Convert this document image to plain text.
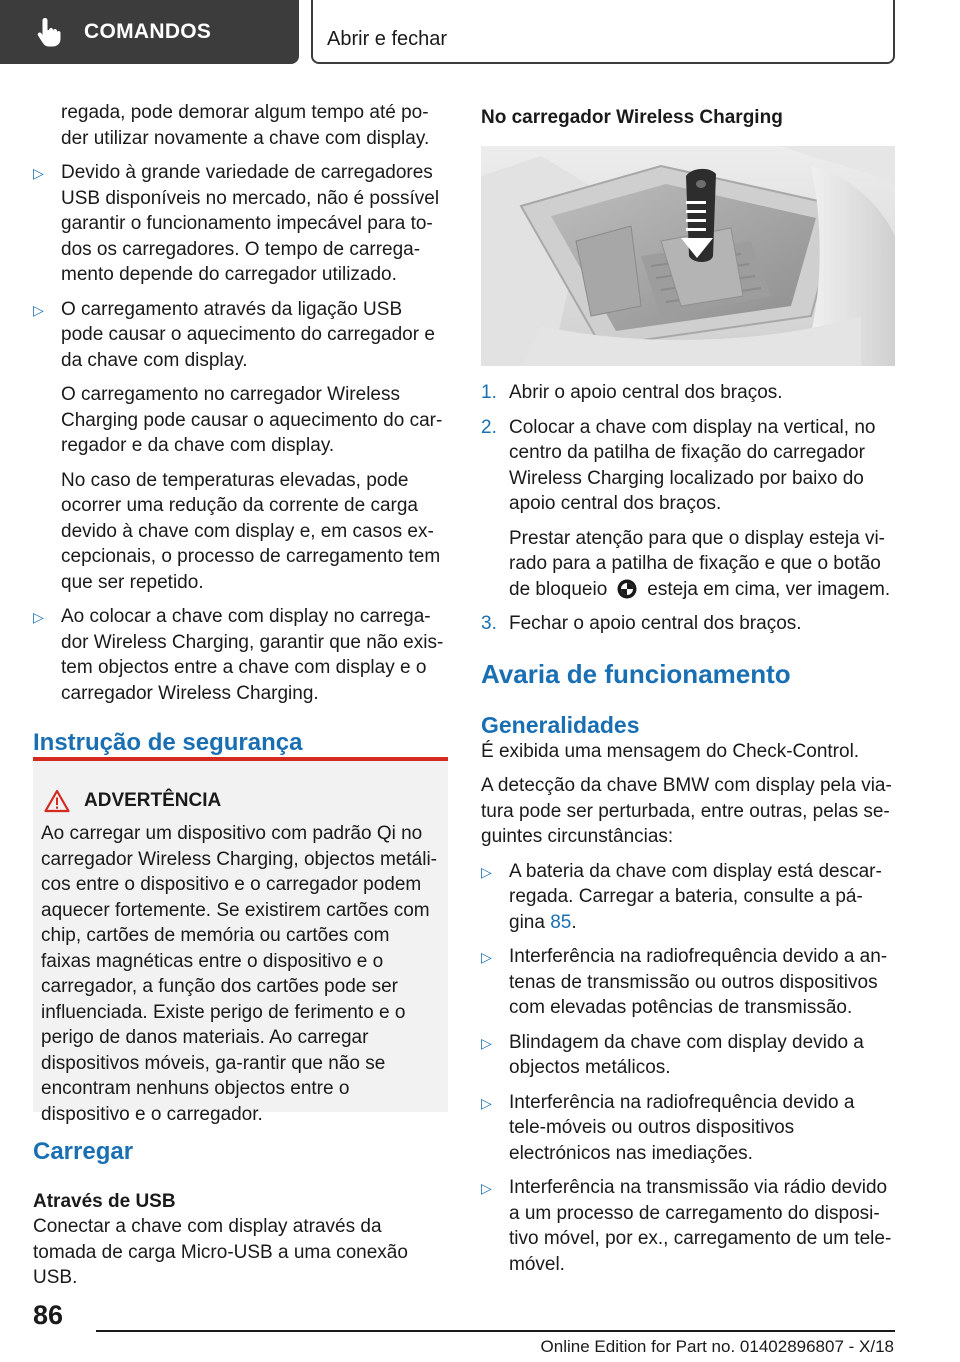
COMANDOS	Abrir e fechar

regada, pode demorar algum tempo até po-der utilizar novamente a chave com display.

▷ Devido à grande variedade de carregadores USB disponíveis no mercado, não é possível garantir o funcionamento impecável para to-dos os carregadores. O tempo de carrega-mento depende do carregador utilizado.
▷ O carregamento através da ligação USB pode causar o aquecimento do carregador e da chave com display.

O carregamento no carregador Wireless Charging pode causar o aquecimento do car-regador e da chave com display.

No caso de temperaturas elevadas, pode ocorrer uma redução da corrente de carga devido à chave com display e, em casos ex-cepcionais, o processo de carregamento tem que ser repetido.

▷ Ao colocar a chave com display no carrega-dor Wireless Charging, garantir que não exis-tem objectos entre a chave com display e o carregador Wireless Charging.
Instrução de segurança
ADVERTÊNCIA

Ao carregar um dispositivo com padrão Qi no carregador Wireless Charging, objectos metáli-cos entre o dispositivo e o carregador podem aquecer fortemente. Se existirem cartões com chip, cartões de memória ou cartões com faixas magnéticas entre o dispositivo e o carregador, a função dos cartões pode ser influenciada. Existe perigo de ferimento e o perigo de danos materiais. Ao carregar dispositivos móveis, ga-rantir que não se encontram nenhuns objectos entre o dispositivo e o carregador.

Carregar
Através de USB

Conectar a chave com display através da tomada de carga Micro-USB a uma conexão USB.

No carregador Wireless Charging
1. Abrir o apoio central dos braços.
2. Colocar a chave com display na vertical, no centro da patilha de fixação do carregador Wireless Charging localizado por baixo do apoio central dos braços.

Prestar atenção para que o display esteja vi-rado para a patilha de fixação e que o botão de bloqueio esteja em cima, ver imagem.

3. Fechar o apoio central dos braços.
Avaria de funcionamento
Generalidades

É exibida uma mensagem do Check-Control.

A detecção da chave BMW com display pela via-tura pode ser perturbada, entre outras, pelas se-guintes circunstâncias:

▷ A bateria da chave com display está descar-regada. Carregar a bateria, consulte a pá-gina 85.
▷ Interferência na radiofrequência devido a an-tenas de transmissão ou outros dispositivos com elevadas potências de transmissão.
▷ Blindagem da chave com display devido a objectos metálicos.
▷ Interferência na radiofrequência devido a tele-móveis ou outros dispositivos electrónicos nas imediações.
▷ Interferência na transmissão via rádio devido a um processo de carregamento do disposi-tivo móvel, por ex., carregamento de um tele-móvel.
86
Online Edition for Part no. 01402896807 - X/18
